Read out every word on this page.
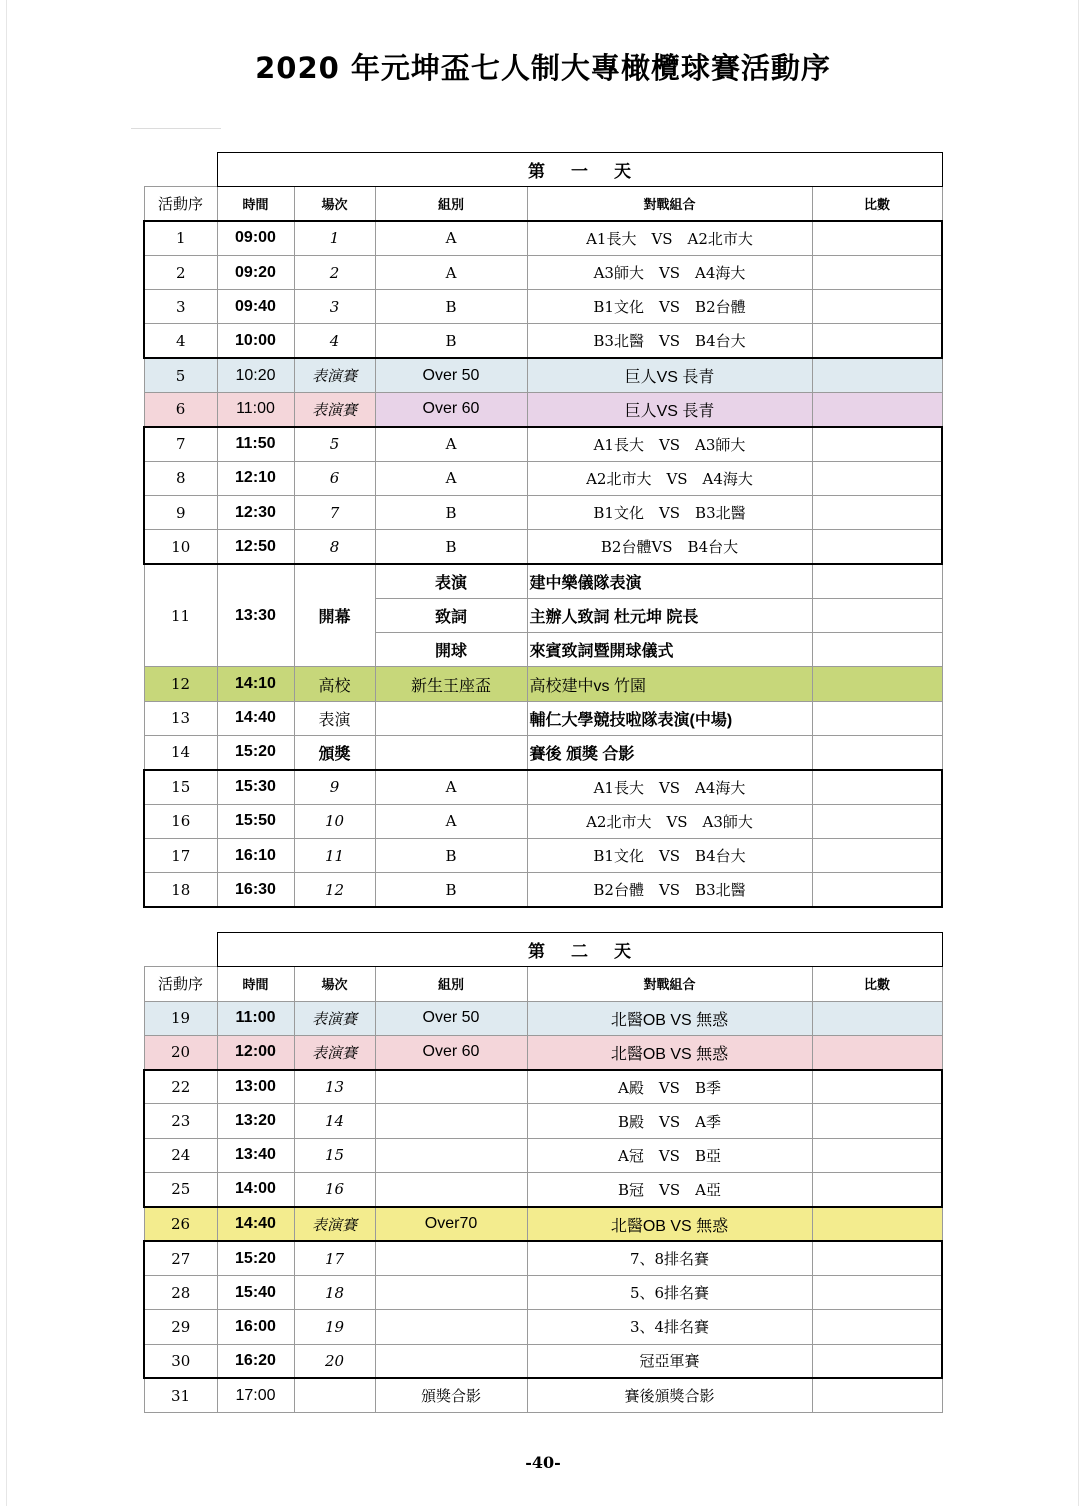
2020 年元坤盃七人制大專橄欖球賽活動序
	第一天				
活動序	時間	場次	組別	對戰組合	比數
1	09:00	1	A	A1長大　VS　A2北市大	
2	09:20	2	A	A3師大　VS　A4海大	
3	09:40	3	B	B1文化　VS　B2台體	
4	10:00	4	B	B3北醫　VS　B4台大	
5	10:20	表演賽	Over 50	巨人VS 長青	
6	11:00	表演賽	Over 60	巨人VS 長青	
7	11:50	5	A	A1長大　VS　A3師大	
8	12:10	6	A	A2北市大　VS　A4海大	
9	12:30	7	B	B1文化　VS　B3北醫	
10	12:50	8	B	B2台體VS　B4台大	
11	13:30	開幕	表演	建中樂儀隊表演	
			致詞	主辦人致詞 杜元坤 院長	
			開球	來賓致詞暨開球儀式	
12	14:10	高校	新生王座盃	高校建中vs 竹園	
13	14:40	表演		輔仁大學競技啦隊表演(中場)	
14	15:20	頒獎		賽後 頒獎 合影	
15	15:30	9	A	A1長大　VS　A4海大	
16	15:50	10	A	A2北市大　VS　A3師大	
17	16:10	11	B	B1文化　VS　B4台大	
18	16:30	12	B	B2台體　VS　B3北醫	
	第二天				
活動序	時間	場次	組別	對戰組合	比數
19	11:00	表演賽	Over 50	北醫OB VS 無惑	
20	12:00	表演賽	Over 60	北醫OB VS 無惑	
22	13:00	13		A殿　VS　B季	
23	13:20	14		B殿　VS　A季	
24	13:40	15		A冠　VS　B亞	
25	14:00	16		B冠　VS　A亞	
26	14:40	表演賽	Over70	北醫OB VS 無惑	
27	15:20	17		7、8排名賽	
28	15:40	18		5、6排名賽	
29	16:00	19		3、4排名賽	
30	16:20	20		冠亞軍賽	
31	17:00		頒獎合影	賽後頒獎合影	
-40-
